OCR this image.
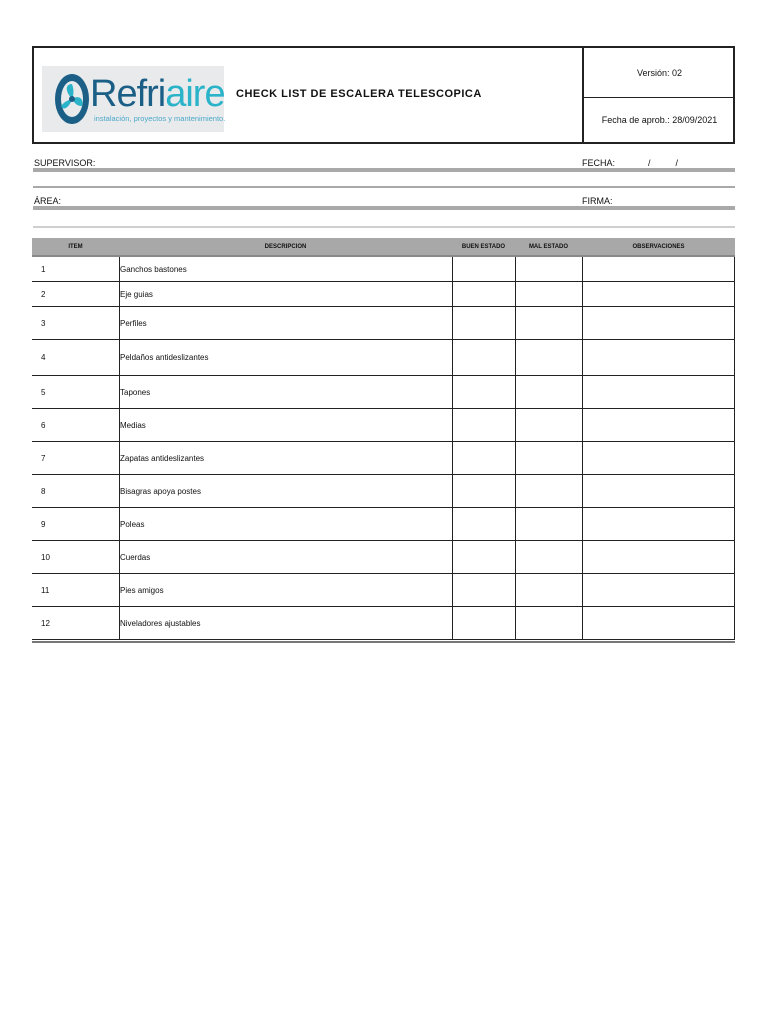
Refriaire
instalación, proyectos y mantenimiento.
CHECK LIST DE ESCALERA TELESCOPICA
Versión: 02
Fecha de aprob.: 28/09/2021
SUPERVISOR:	FECHA:	/          /
ÁREA:	FIRMA:
ITEM	DESCRIPCION	BUEN ESTADO	MAL ESTADO	OBSERVACIONES
1	Ganchos bastones
2	Eje guias
3	Perfiles
4	Peldaños antideslizantes
5	Tapones
6	Medias
7	Zapatas antideslizantes
8	Bisagras apoya postes
9	Poleas
10	Cuerdas
11	Pies amigos
12	Niveladores ajustables
